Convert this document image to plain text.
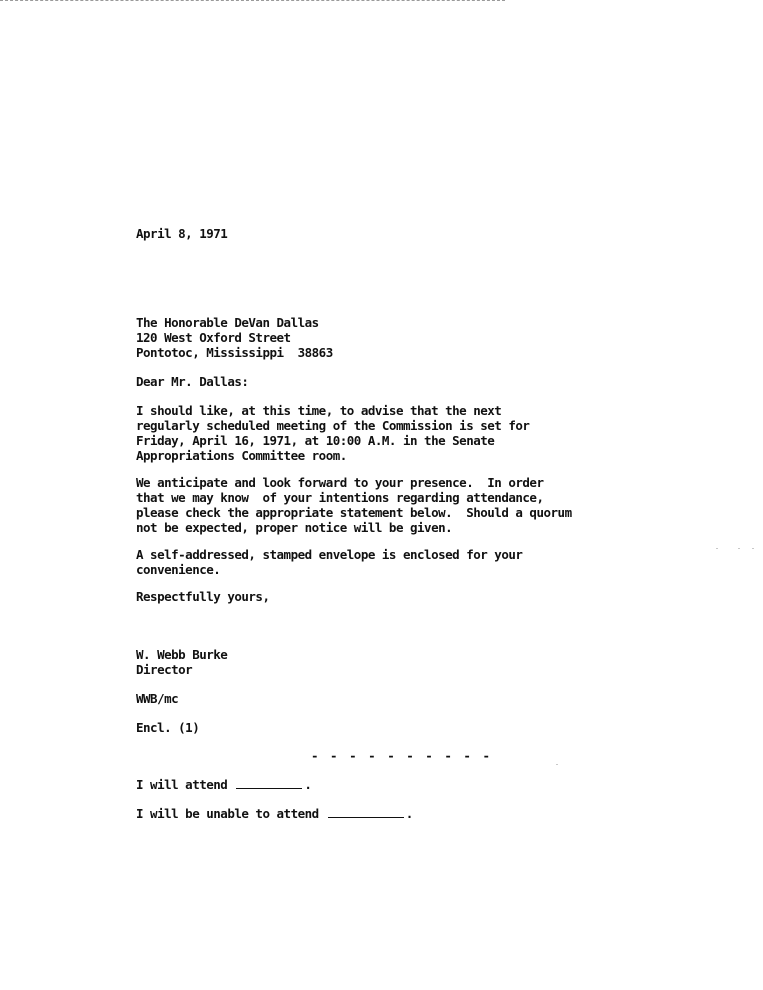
April 8, 1971
The Honorable DeVan Dallas
120 West Oxford Street
Pontotoc, Mississippi  38863
Dear Mr. Dallas:
I should like, at this time, to advise that the next
regularly scheduled meeting of the Commission is set for
Friday, April 16, 1971, at 10:00 A.M. in the Senate
Appropriations Committee room.
We anticipate and look forward to your presence.  In order
that we may know  of your intentions regarding attendance,
please check the appropriate statement below.  Should a quorum
not be expected, proper notice will be given.
A self-addressed, stamped envelope is enclosed for your
convenience.
Respectfully yours,
W. Webb Burke
Director
WWB/mc
Encl. (1)
- - - - - - - - - -
I will attend	.
I will be unable to attend	.
